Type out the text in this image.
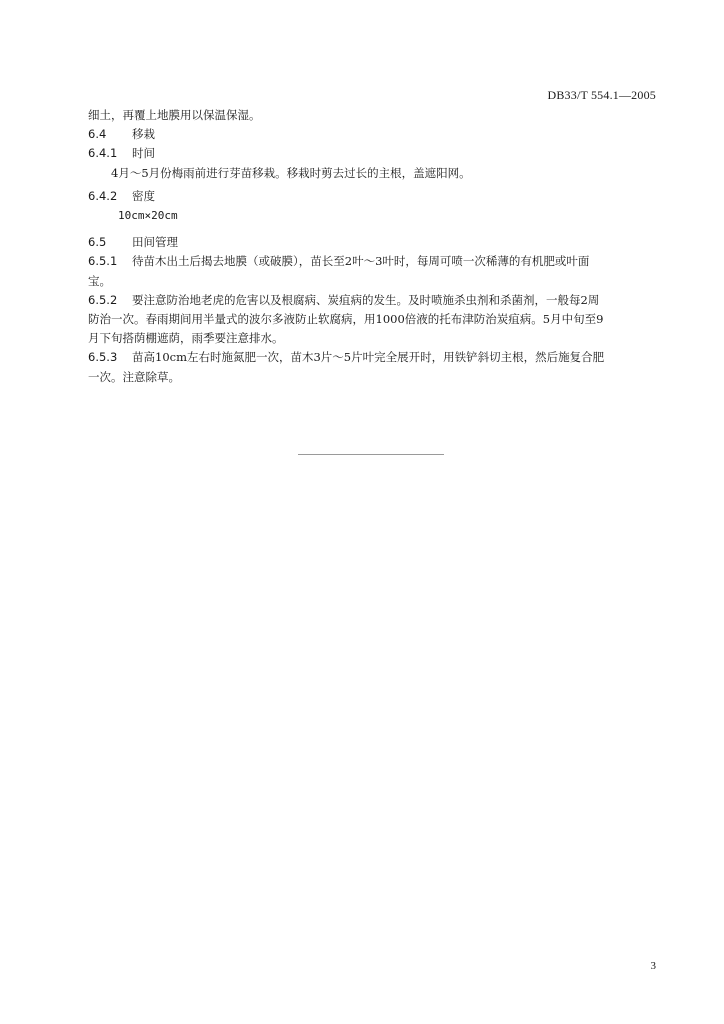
DB33/T 554.1—2005

细土，再覆上地膜用以保温保湿。

6.4 移栽

6.4.1 时间

4月～5月份梅雨前进行芽苗移栽。移栽时剪去过长的主根，盖遮阳网。

6.4.2 密度

10cm×20cm

6.5 田间管理

6.5.1 待苗木出土后揭去地膜（或破膜），苗长至2叶～3叶时，每周可喷一次稀薄的有机肥或叶面
宝。

6.5.2 要注意防治地老虎的危害以及根腐病、炭疽病的发生。及时喷施杀虫剂和杀菌剂，一般每2周
防治一次。春雨期间用半量式的波尔多液防止软腐病，用1000倍液的托布津防治炭疽病。5月中旬至9
月下旬搭荫棚遮荫，雨季要注意排水。

6.5.3 苗高10cm左右时施氮肥一次，苗木3片～5片叶完全展开时，用铁铲斜切主根，然后施复合肥
一次。注意除草。

3
